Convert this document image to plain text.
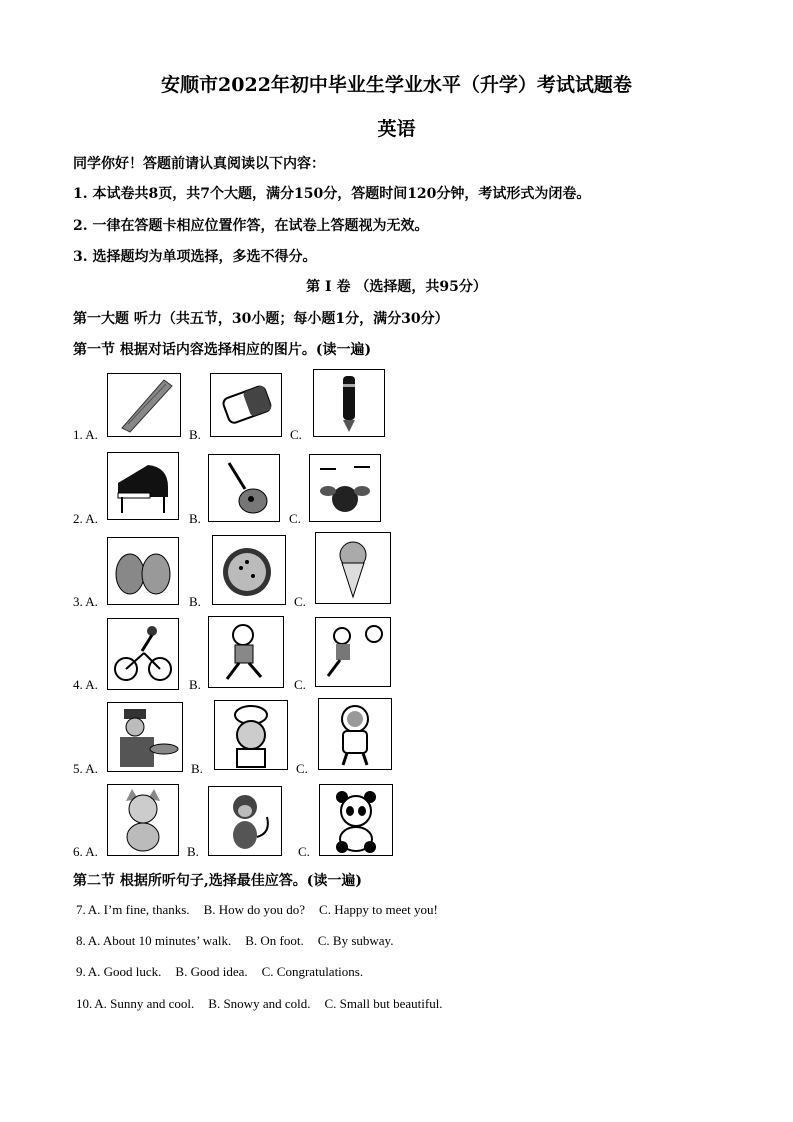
安顺市2022年初中毕业生学业水平（升学）考试试题卷
英语
同学你好！答题前请认真阅读以下内容：
1. 本试卷共8页，共7个大题，满分150分，答题时间120分钟，考试形式为闭卷。
2. 一律在答题卡相应位置作答，在试卷上答题视为无效。
3. 选择题均为单项选择，多选不得分。
第 I 卷 （选择题，共95分）
第一大题 听力（共五节，30小题；每小题1分，满分30分）
第一节 根据对话内容选择相应的图片。(读一遍)
1. A.	B.	C.
2. A.	B.	C.
3. A.	B.	C.
4. A.	B.	C.
5. A.	B.	C.
6. A.	B.	C.
第二节 根据所听句子,选择最佳应答。(读一遍)
7. A. I’m fine, thanks. B. How do you do? C. Happy to meet you!
8. A. About 10 minutes’ walk. B. On foot. C. By subway.
9. A. Good luck. B. Good idea. C. Congratulations.
10. A. Sunny and cool. B. Snowy and cold. C. Small but beautiful.
